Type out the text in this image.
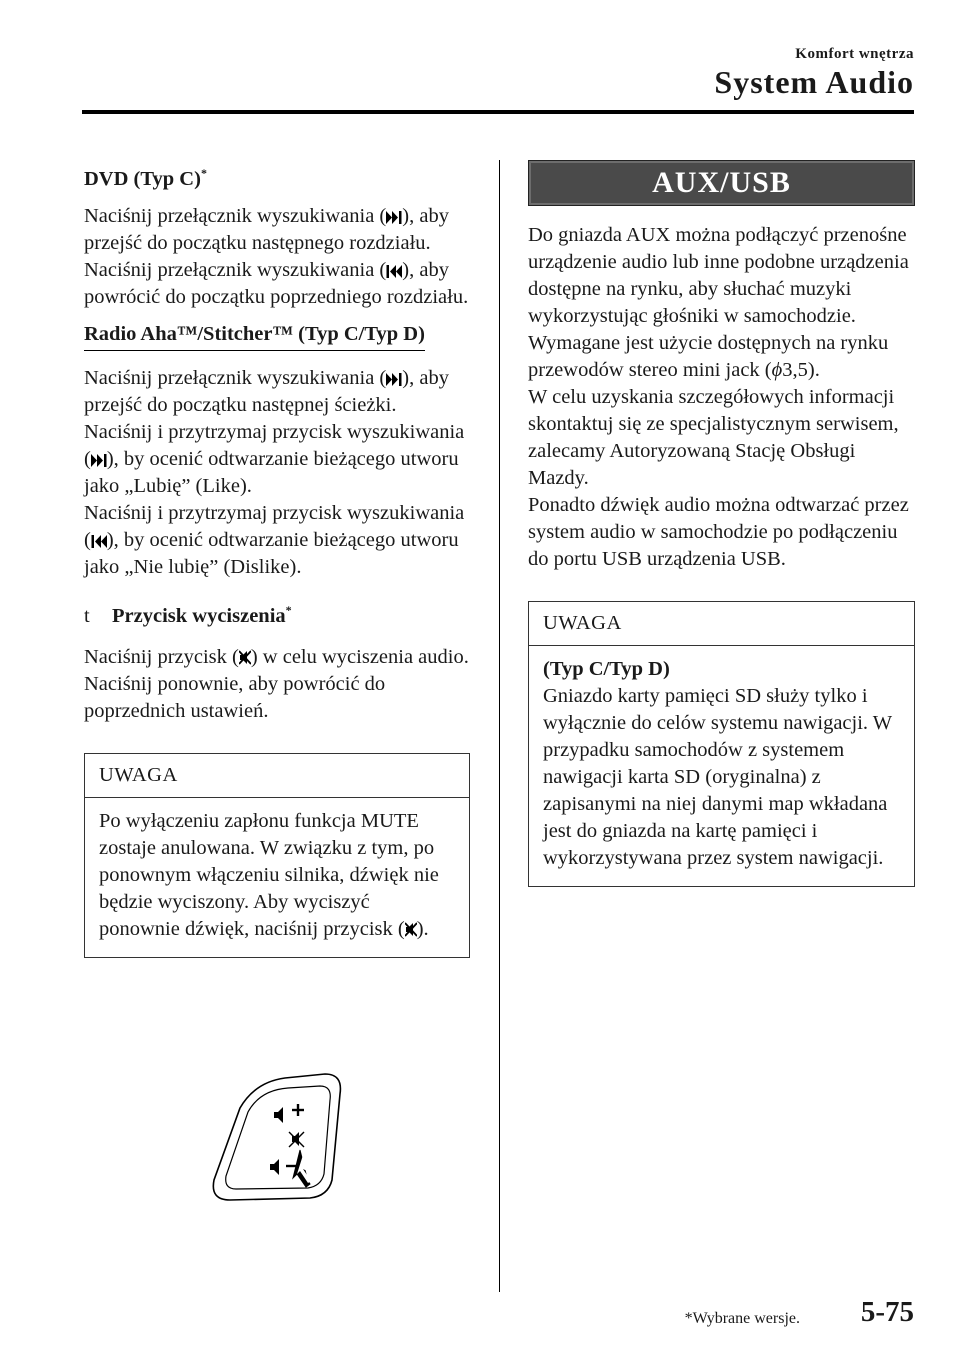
Komfort wnętrza
System Audio

DVD (Typ C)*

Naciśnij przełącznik wyszukiwania ( ), aby przejść do początku następnego rozdziału.

Naciśnij przełącznik wyszukiwania ( ), aby powrócić do początku poprzedniego rozdziału.

Radio Aha™/Stitcher™ (Typ C/Typ D)

Naciśnij przełącznik wyszukiwania ( ), aby przejść do początku następnej ścieżki.

Naciśnij i przytrzymaj przycisk wyszukiwania ( ), by ocenić odtwarzanie bieżącego utworu jako „Lubię” (Like).

Naciśnij i przytrzymaj przycisk wyszukiwania ( ), by ocenić odtwarzanie bieżącego utworu jako „Nie lubię” (Dislike).

t Przycisk wyciszenia*

Naciśnij przycisk ( ) w celu wyciszenia audio. Naciśnij ponownie, aby powrócić do poprzednich ustawień.

UWAGA

Po wyłączeniu zapłonu funkcja MUTE zostaje anulowana. W związku z tym, po ponownym włączeniu silnika, dźwięk nie będzie wyciszony. Aby wyciszyć ponownie dźwięk, naciśnij przycisk ( ).

AUX/USB

Do gniazda AUX można podłączyć przenośne urządzenie audio lub inne podobne urządzenia dostępne na rynku, aby słuchać muzyki wykorzystując głośniki w samochodzie.

Wymagane jest użycie dostępnych na rynku przewodów stereo mini jack (ϕ3,5).

W celu uzyskania szczegółowych informacji skontaktuj się ze specjalistycznym serwisem, zalecamy Autoryzowaną Stację Obsługi Mazdy.

Ponadto dźwięk audio można odtwarzać przez system audio w samochodzie po podłączeniu do portu USB urządzenia USB.

UWAGA

(Typ C/Typ D)

Gniazdo karty pamięci SD służy tylko i wyłącznie do celów systemu nawigacji. W przypadku samochodów z systemem nawigacji karta SD (oryginalna) z zapisanymi na niej danymi map wkładana jest do gniazda na kartę pamięci i wykorzystywana przez system nawigacji.

*Wybrane wersje. 5-75
